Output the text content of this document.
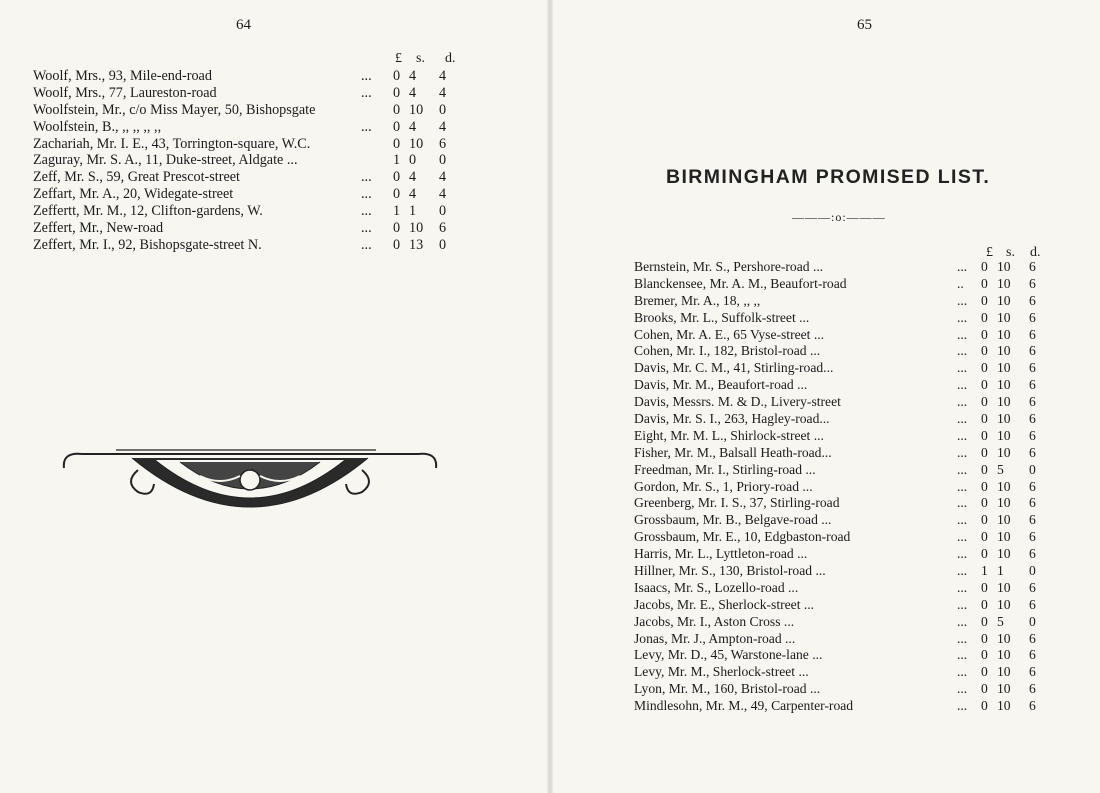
64
£ s. d.
Woolf, Mrs., 93, Mile-end-road	... 0 4 4
Woolf, Mrs., 77, Laureston-road	... 0 4 4
Woolfstein, Mr., c/o Miss Mayer, 50, Bishopsgate	0 10 0
Woolfstein, B., ,, ,, ,, ,,	... 0 4 4
Zachariah, Mr. I. E., 43, Torrington-square, W.C.	0 10 6
Zaguray, Mr. S. A., 11, Duke-street, Aldgate ...	1 0 0
Zeff, Mr. S., 59, Great Prescot-street	... 0 4 4
Zeffart, Mr. A., 20, Widegate-street	... 0 4 4
Zeffertt, Mr. M., 12, Clifton-gardens, W.	... 1 1 0
Zeffert, Mr., New-road	... 0 10 6
Zeffert, Mr. I., 92, Bishopsgate-street N.	... 0 13 0
65
BIRMINGHAM PROMISED LIST.
———:o:———
£ s. d.
Bernstein, Mr. S., Pershore-road ...	... 0 10 6
Blanckensee, Mr. A. M., Beaufort-road	.. 0 10 6
Bremer, Mr. A., 18, ,, ,,	... 0 10 6
Brooks, Mr. L., Suffolk-street ...	... 0 10 6
Cohen, Mr. A. E., 65 Vyse-street ...	... 0 10 6
Cohen, Mr. I., 182, Bristol-road ...	... 0 10 6
Davis, Mr. C. M., 41, Stirling-road...	... 0 10 6
Davis, Mr. M., Beaufort-road ...	... 0 10 6
Davis, Messrs. M. & D., Livery-street	... 0 10 6
Davis, Mr. S. I., 263, Hagley-road...	... 0 10 6
Eight, Mr. M. L., Shirlock-street ...	... 0 10 6
Fisher, Mr. M., Balsall Heath-road...	... 0 10 6
Freedman, Mr. I., Stirling-road ...	... 0 5 0
Gordon, Mr. S., 1, Priory-road ...	... 0 10 6
Greenberg, Mr. I. S., 37, Stirling-road	... 0 10 6
Grossbaum, Mr. B., Belgave-road ...	... 0 10 6
Grossbaum, Mr. E., 10, Edgbaston-road	... 0 10 6
Harris, Mr. L., Lyttleton-road ...	... 0 10 6
Hillner, Mr. S., 130, Bristol-road ...	... 1 1 0
Isaacs, Mr. S., Lozello-road ...	... 0 10 6
Jacobs, Mr. E., Sherlock-street ...	... 0 10 6
Jacobs, Mr. I., Aston Cross ...	... 0 5 0
Jonas, Mr. J., Ampton-road ...	... 0 10 6
Levy, Mr. D., 45, Warstone-lane ...	... 0 10 6
Levy, Mr. M., Sherlock-street ...	... 0 10 6
Lyon, Mr. M., 160, Bristol-road ...	... 0 10 6
Mindlesohn, Mr. M., 49, Carpenter-road	... 0 10 6
